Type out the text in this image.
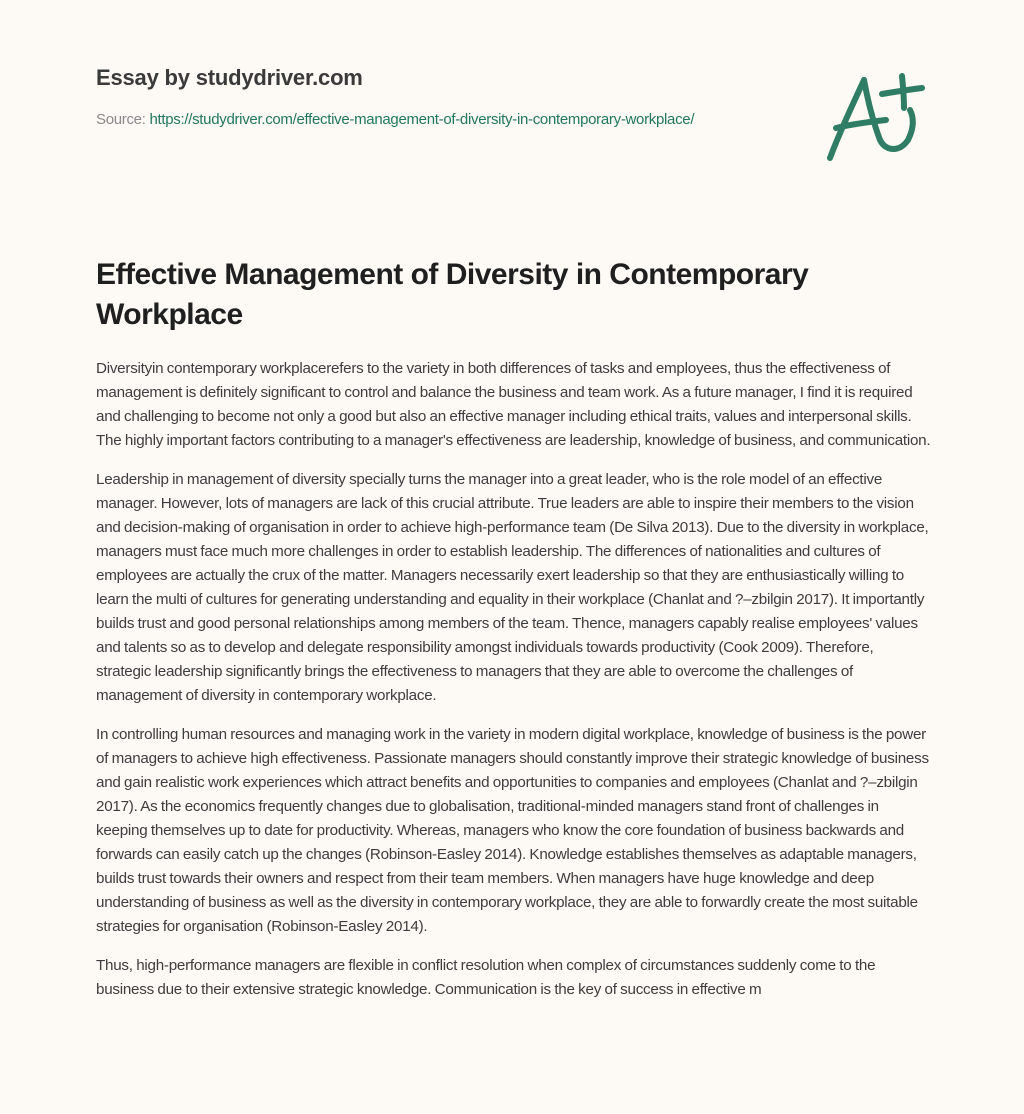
Essay by studydriver.com
Source: https://studydriver.com/effective-management-of-diversity-in-contemporary-workplace/
Effective Management of Diversity in Contemporary Workplace

Diversityin contemporary workplacerefers to the variety in both differences of tasks and employees, thus the effectiveness of management is definitely significant to control and balance the business and team work. As a future manager, I find it is required and challenging to become not only a good but also an effective manager including ethical traits, values and interpersonal skills. The highly important factors contributing to a manager's effectiveness are leadership, knowledge of business, and communication.

Leadership in management of diversity specially turns the manager into a great leader, who is the role model of an effective manager. However, lots of managers are lack of this crucial attribute. True leaders are able to inspire their members to the vision and decision-making of organisation in order to achieve high-performance team (De Silva 2013). Due to the diversity in workplace, managers must face much more challenges in order to establish leadership. The differences of nationalities and cultures of employees are actually the crux of the matter. Managers necessarily exert leadership so that they are enthusiastically willing to learn the multi of cultures for generating understanding and equality in their workplace (Chanlat and ?–zbilgin 2017). It importantly builds trust and good personal relationships among members of the team. Thence, managers capably realise employees' values and talents so as to develop and delegate responsibility amongst individuals towards productivity (Cook 2009). Therefore, strategic leadership significantly brings the effectiveness to managers that they are able to overcome the challenges of management of diversity in contemporary workplace.

In controlling human resources and managing work in the variety in modern digital workplace, knowledge of business is the power of managers to achieve high effectiveness. Passionate managers should constantly improve their strategic knowledge of business and gain realistic work experiences which attract benefits and opportunities to companies and employees (Chanlat and ?–zbilgin 2017). As the economics frequently changes due to globalisation, traditional-minded managers stand front of challenges in keeping themselves up to date for productivity. Whereas, managers who know the core foundation of business backwards and forwards can easily catch up the changes (Robinson-Easley 2014). Knowledge establishes themselves as adaptable managers, builds trust towards their owners and respect from their team members. When managers have huge knowledge and deep understanding of business as well as the diversity in contemporary workplace, they are able to forwardly create the most suitable strategies for organisation (Robinson-Easley 2014).

Thus, high-performance managers are flexible in conflict resolution when complex of circumstances suddenly come to the business due to their extensive strategic knowledge. Communication is the key of success in effective m
